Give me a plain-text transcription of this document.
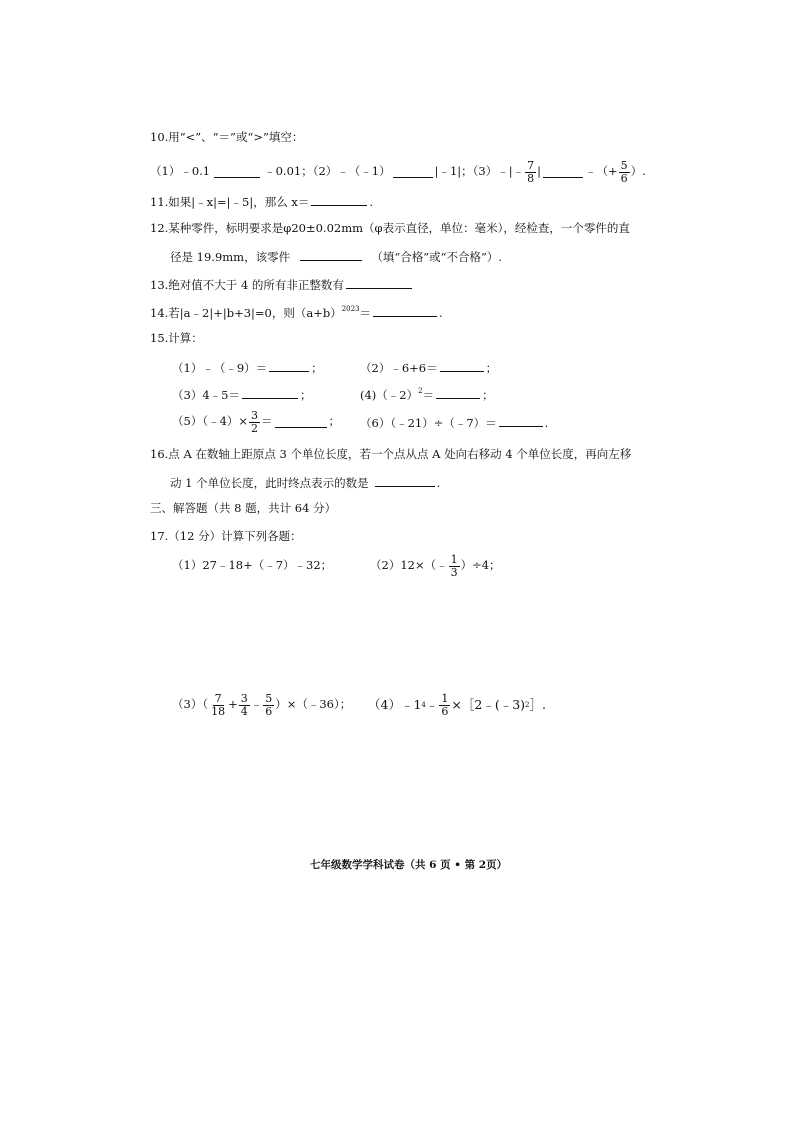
10.用“<”、“＝”或“>”填空：
（1）﹣0.1	﹣0.01；（2）﹣（﹣1）	|﹣1|；（3）﹣|﹣ $\frac{7}{8}$ |	﹣（+ $\frac{5}{6}$ ）.
11.如果|﹣x|=|﹣5|，那么 x＝	.
12.某种零件，标明要求是φ20±0.02mm（φ表示直径，单位：毫米），经检查，一个零件的直
径是 19.9mm，该零件	（填“合格”或“不合格”）.
13.绝对值不大于 4 的所有非正整数有
14.若|a﹣2|+|b+3|=0，则$(a+b)^{2023}=$	.
15.计算：
（1）﹣（﹣9）＝	；	（2）﹣6+6＝	；
（3）4﹣5＝	；	(4)（﹣2）$^2$＝	；
（5）（﹣4）× $\frac{3}{2}$ ＝	； （6）（﹣21）÷（﹣7）＝	.
16.点 A 在数轴上距原点 3 个单位长度，若一个点从点 A 处向右移动 4 个单位长度，再向左移
动 1 个单位长度，此时终点表示的数是	.
三、解答题（共 8 题，共计 64 分）
17.（12 分）计算下列各题：
（1）27﹣18+（﹣7）﹣32；	（2）12×（﹣ $\frac{1}{3} )\div 4$；
$(3)( \frac{7}{18} + \frac{3}{4}$ ﹣ $\frac{5}{6}$ ）×（﹣36）； （4）﹣1 4 ﹣ $\frac{1}{6}$ ×［2﹣(﹣3) 2 ］.
七年级数学学科试卷（共 6 页 • 第 2页）
